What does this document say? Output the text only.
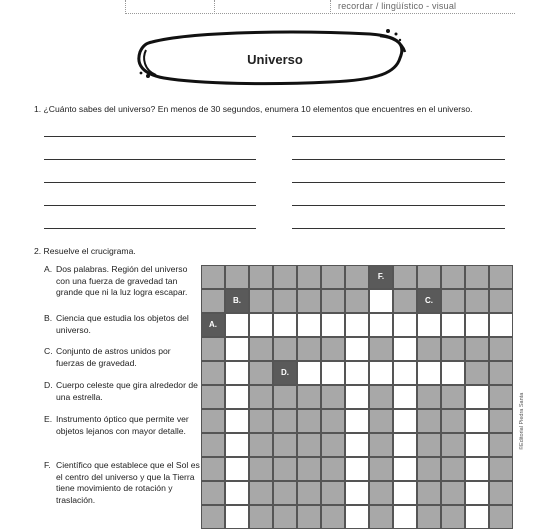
recordar / lingüístico - visual
Universo
1. ¿Cuánto sabes del universo? En menos de 30 segundos, enumera 10 elementos que encuentres en el universo.
2. Resuelve el crucigrama.
A. Dos palabras. Región del universo con una fuerza de gravedad tan grande que ni la luz logra escapar.
B. Ciencia que estudia los objetos del universo.
C. Conjunto de astros unidos por fuerzas de gravedad.
D. Cuerpo celeste que gira alrededor de una estrella.
E. Instrumento óptico que permite ver objetos lejanos con mayor detalle.
F. Científico que establece que el Sol es el centro del universo y que la Tierra tiene movimiento de rotación y traslación.
F.
B.	C.
A.
D.
©Editorial Piedra Santa
